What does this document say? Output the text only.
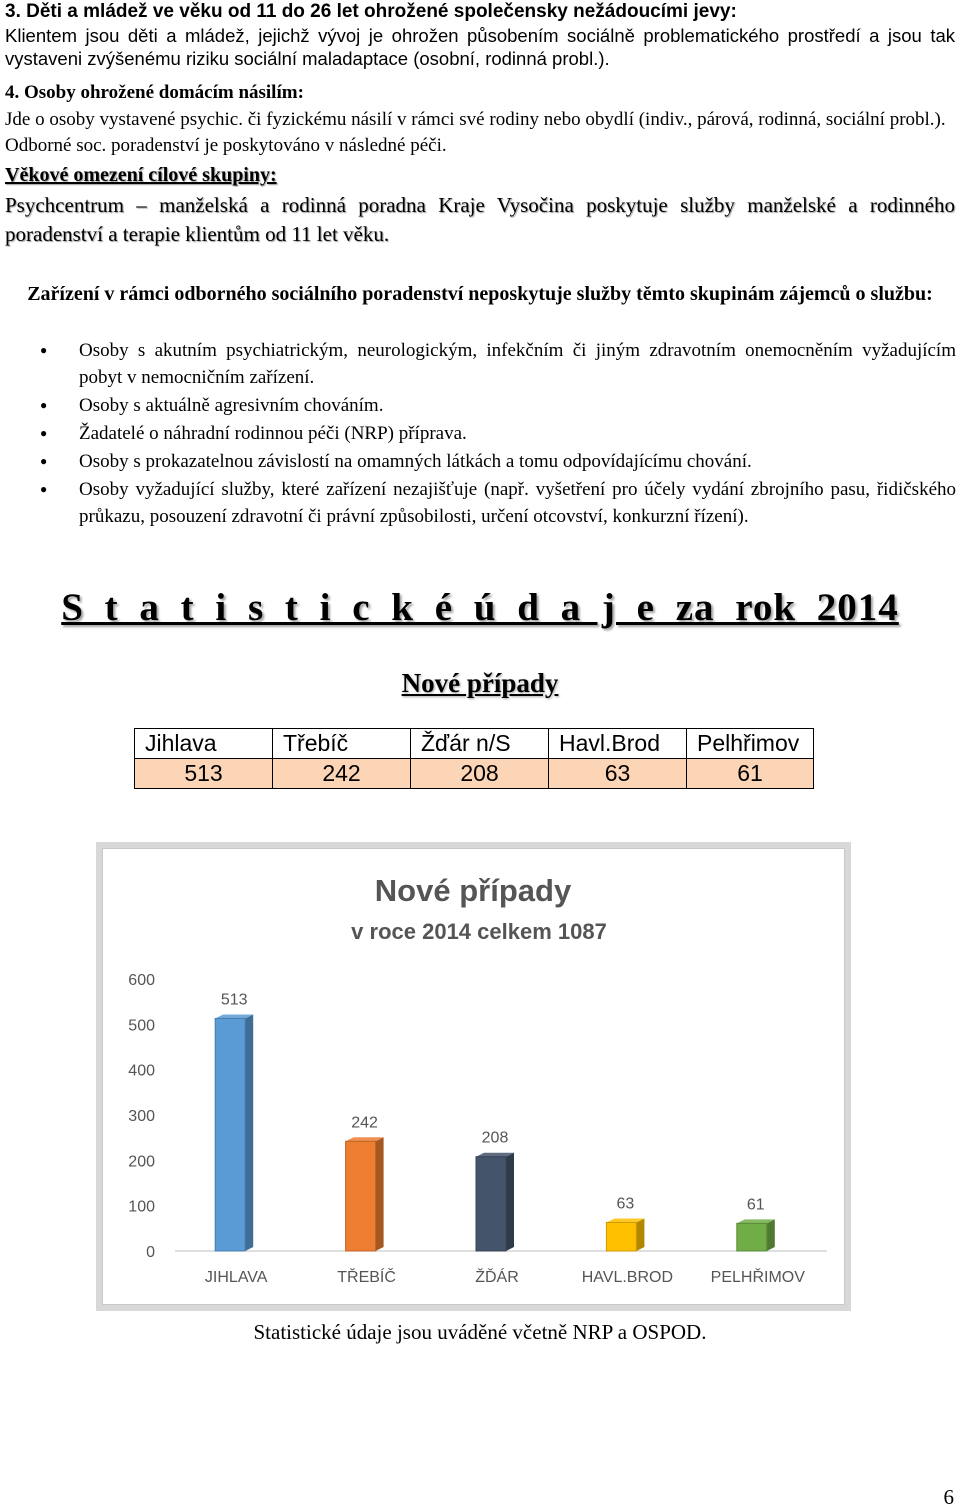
3. Děti a mládež ve věku od 11 do 26 let ohrožené společensky nežádoucími jevy:

Klientem jsou děti a mládež, jejichž vývoj je ohrožen působením sociálně problematického prostředí a jsou tak vystaveni zvýšenému riziku sociální maladaptace (osobní, rodinná probl.).

4. Osoby ohrožené domácím násilím:

Jde o osoby vystavené psychic. či fyzickému násilí v rámci své rodiny nebo obydlí (indiv., párová, rodinná, sociální probl.). Odborné soc. poradenství je poskytováno v následné péči.

Věkové omezení cílové skupiny:

Psychcentrum – manželská a rodinná poradna Kraje Vysočina poskytuje služby manželské a rodinného poradenství a terapie klientům od 11 let věku.

Zařízení v rámci odborného sociálního poradenství neposkytuje služby těmto skupinám zájemců o službu:

● Osoby s akutním psychiatrickým, neurologickým, infekčním či jiným zdravotním onemocněním vyžadujícím pobyt v nemocničním zařízení.
● Osoby s aktuálně agresivním chováním.
● Žadatelé o náhradní rodinnou péči (NRP) příprava.
● Osoby s prokazatelnou závislostí na omamných látkách a tomu odpovídajícímu chování.
● Osoby vyžadující služby, které zařízení nezajišťuje (např. vyšetření pro účely vydání zbrojního pasu, řidičského průkazu, posouzení zdravotní či právní způsobilosti, určení otcovství, konkurzní řízení).
S t a t i s t i c k é ú d a j e za rok 2014
Nové případy
Jihlava	Třebíč	Žďár n/S	Havl.Brod	Pelhřimov
513	242	208	63	61
Nové případy
v roce 2014 celkem 1087
0
100
200
300
400
500
600
513
JIHLAVA
242
TŘEBÍČ
208
ŽĎÁR
63
HAVL.BROD
61
PELHŘIMOV

Statistické údaje jsou uváděné včetně NRP a OSPOD.

6
